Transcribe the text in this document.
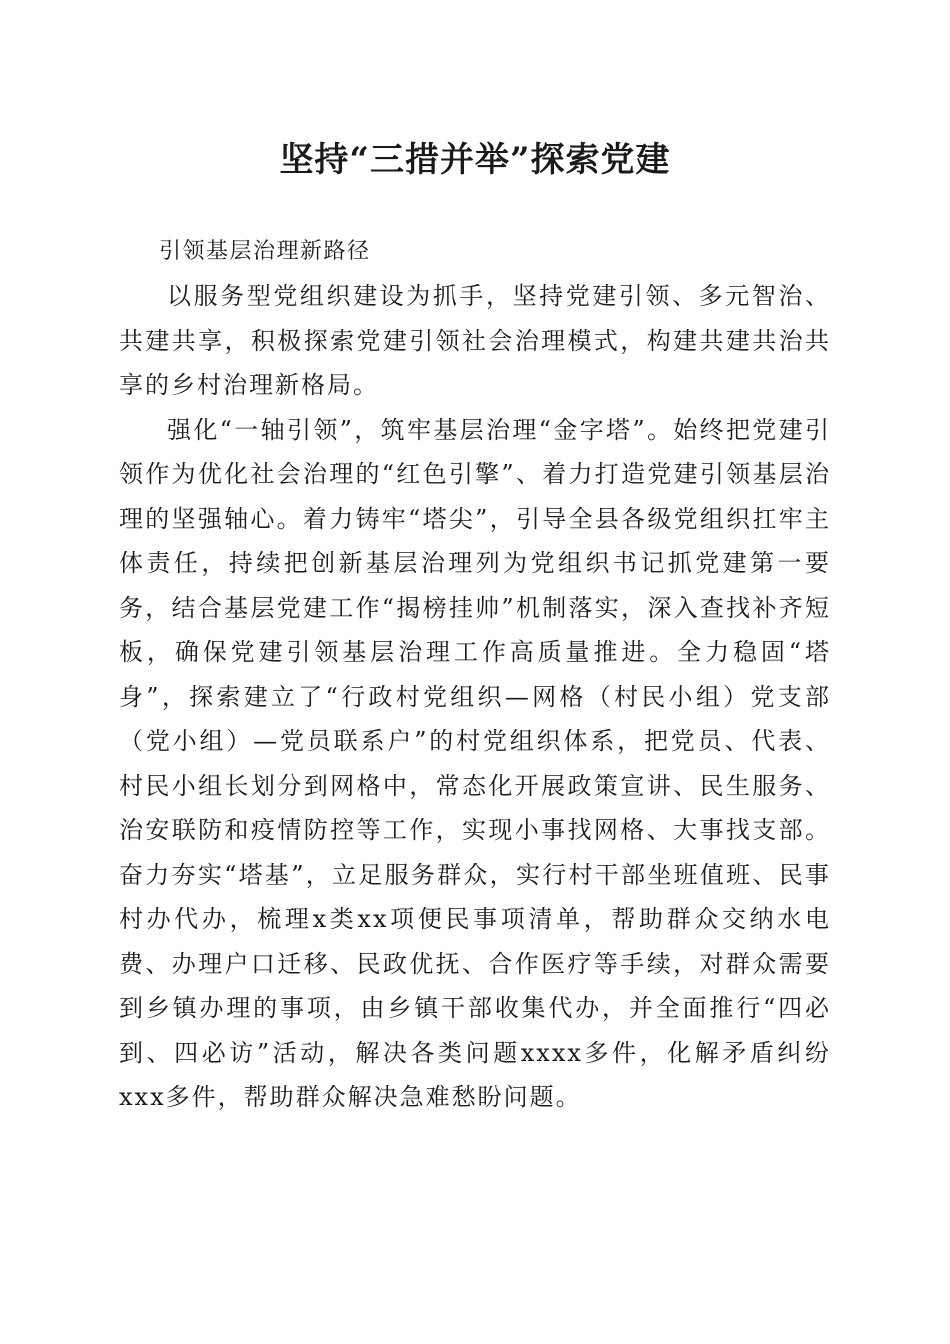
坚持“三措并举”探索党建

引领基层治理新路径

以服务型党组织建设为抓手，坚持党建引领、多元智治、共建共享，积极探索党建引领社会治理模式，构建共建共治共享的乡村治理新格局。

强化“一轴引领”，筑牢基层治理“金字塔”。始终把党建引领作为优化社会治理的“红色引擎”、着力打造党建引领基层治理的坚强轴心。着力铸牢“塔尖”，引导全县各级党组织扛牢主体责任，持续把创新基层治理列为党组织书记抓党建第一要务，结合基层党建工作“揭榜挂帅”机制落实，深入查找补齐短板，确保党建引领基层治理工作高质量推进。全力稳固“塔身”，探索建立了“行政村党组织—网格（村民小组）党支部（党小组）—党员联系户”的村党组织体系，把党员、代表、村民小组长划分到网格中，常态化开展政策宣讲、民生服务、治安联防和疫情防控等工作，实现小事找网格、大事找支部。奋力夯实“塔基”，立足服务群众，实行村干部坐班值班、民事村办代办，梳理x类xx项便民事项清单，帮助群众交纳水电费、办理户口迁移、民政优抚、合作医疗等手续，对群众需要到乡镇办理的事项，由乡镇干部收集代办，并全面推行“四必到、四必访”活动，解决各类问题xxxx多件，化解矛盾纠纷xxx多件，帮助群众解决急难愁盼问题。
